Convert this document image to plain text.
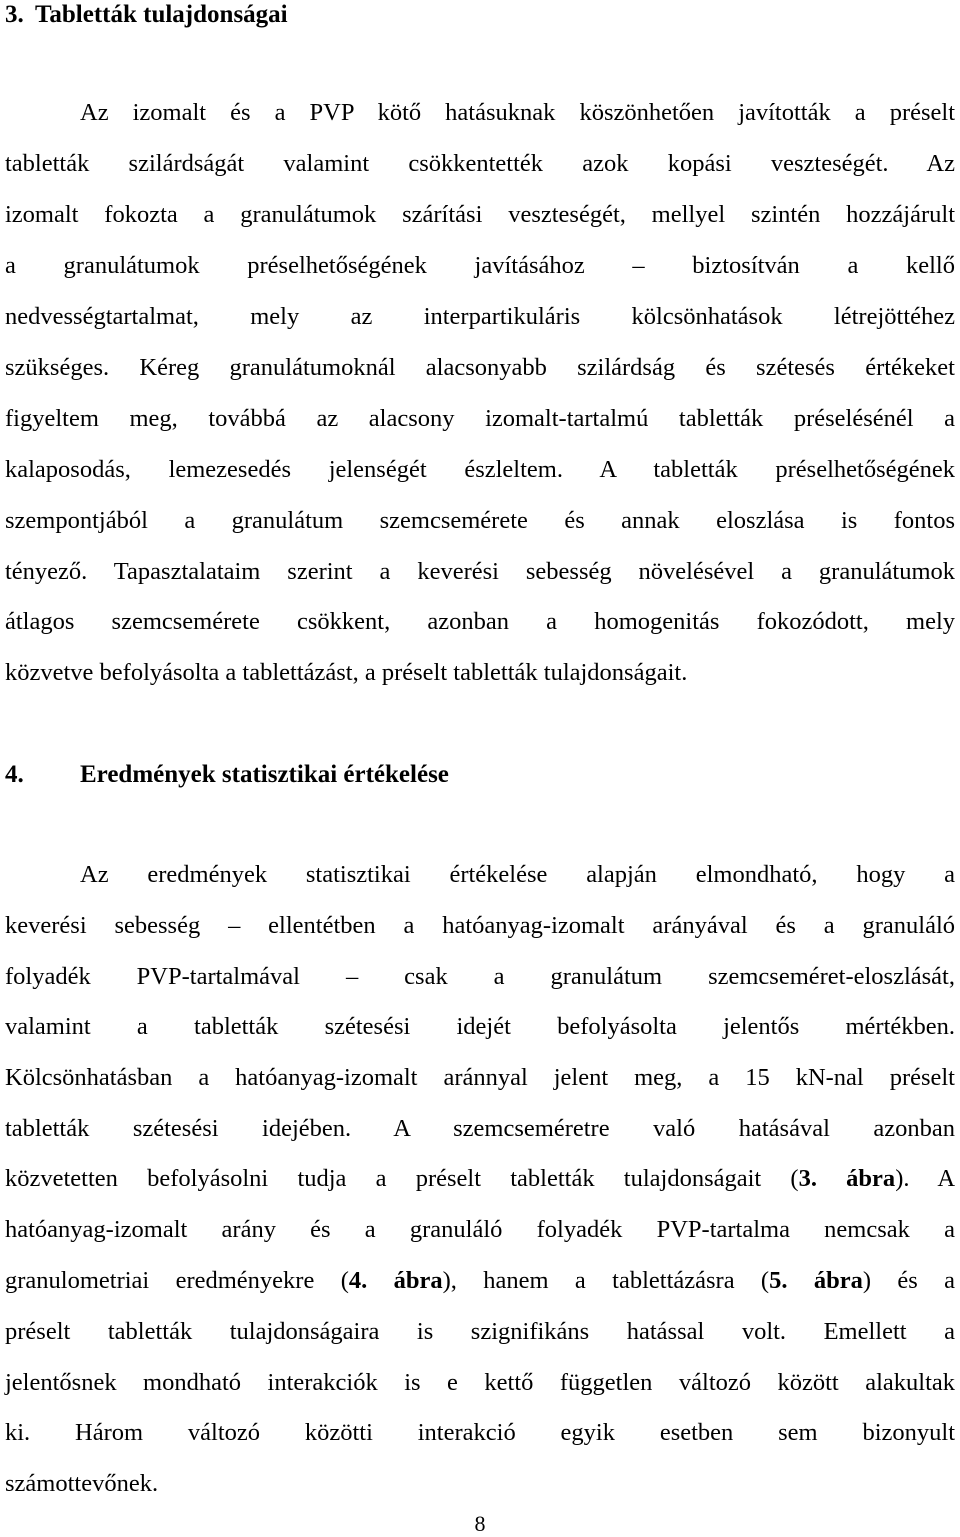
3. Tabletták tulajdonságai
Az izomalt és a PVP kötő hatásuknak köszönhetően javították a préselt
tabletták szilárdságát valamint csökkentették azok kopási veszteségét. Az
izomalt fokozta a granulátumok szárítási veszteségét, mellyel szintén hozzájárult
a granulátumok préselhetőségének javításához – biztosítván a kellő
nedvességtartalmat, mely az interpartikuláris kölcsönhatások létrejöttéhez
szükséges. Kéreg granulátumoknál alacsonyabb szilárdság és szétesés értékeket
figyeltem meg, továbbá az alacsony izomalt-tartalmú tabletták préselésénél a
kalaposodás, lemezesedés jelenségét észleltem. A tabletták préselhetőségének
szempontjából a granulátum szemcsemérete és annak eloszlása is fontos
tényező. Tapasztalataim szerint a keverési sebesség növelésével a granulátumok
átlagos szemcsemérete csökkent, azonban a homogenitás fokozódott, mely
közvetve befolyásolta a tablettázást, a préselt tabletták tulajdonságait.
4. Eredmények statisztikai értékelése
Az eredmények statisztikai értékelése alapján elmondható, hogy a
keverési sebesség – ellentétben a hatóanyag-izomalt arányával és a granuláló
folyadék PVP-tartalmával – csak a granulátum szemcseméret-eloszlását,
valamint a tabletták szétesési idejét befolyásolta jelentős mértékben.
Kölcsönhatásban a hatóanyag-izomalt aránnyal jelent meg, a 15 kN-nal préselt
tabletták szétesési idejében. A szemcseméretre való hatásával azonban
közvetetten befolyásolni tudja a préselt tabletták tulajdonságait (3. ábra). A
hatóanyag-izomalt arány és a granuláló folyadék PVP-tartalma nemcsak a
granulometriai eredményekre (4. ábra), hanem a tablettázásra (5. ábra) és a
préselt tabletták tulajdonságaira is szignifikáns hatással volt. Emellett a
jelentősnek mondható interakciók is e kettő független változó között alakultak
ki. Három változó közötti interakció egyik esetben sem bizonyult
számottevőnek.
8
